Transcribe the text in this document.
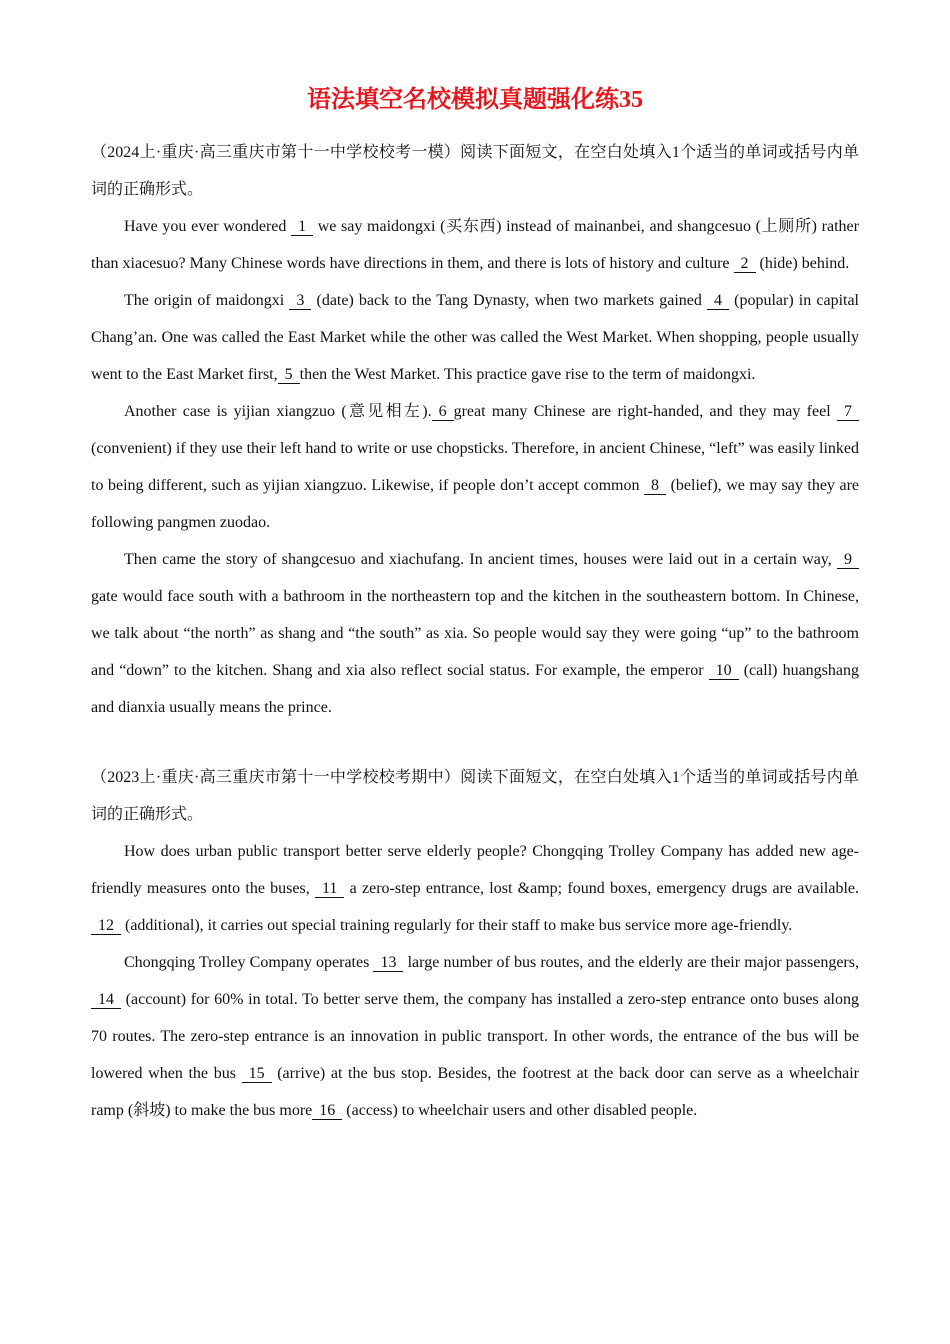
语法填空名校模拟真题强化练35

（2024上·重庆·高三重庆市第十一中学校校考一模）阅读下面短文，在空白处填入1个适当的单词或括号内单词的正确形式。

Have you ever wondered 1 we say maidongxi (买东西) instead of mainanbei, and shangcesuo (上厕所) rather than xiacesuo? Many Chinese words have directions in them, and there is lots of history and culture 2 (hide) behind.

The origin of maidongxi 3 (date) back to the Tang Dynasty, when two markets gained 4 (popular) in capital Chang’an. One was called the East Market while the other was called the West Market. When shopping, people usually went to the East Market first, 5 then the West Market. This practice gave rise to the term of maidongxi.

Another case is yijian xiangzuo (意见相左). 6 great many Chinese are right-handed, and they may feel 7 (convenient) if they use their left hand to write or use chopsticks. Therefore, in ancient Chinese, “left” was easily linked to being different, such as yijian xiangzuo. Likewise, if people don’t accept common 8 (belief), we may say they are following pangmen zuodao.

Then came the story of shangcesuo and xiachufang. In ancient times, houses were laid out in a certain way, 9gate would face south with a bathroom in the northeastern top and the kitchen in the southeastern bottom. In Chinese, we talk about “the north” as shang and “the south” as xia. So people would say they were going “up” to the bathroom and “down” to the kitchen. Shang and xia also reflect social status. For example, the emperor 10 (call) huangshang and dianxia usually means the prince.

（2023上·重庆·高三重庆市第十一中学校校考期中）阅读下面短文，在空白处填入1个适当的单词或括号内单词的正确形式。

How does urban public transport better serve elderly people? Chongqing Trolley Company has added new age-friendly measures onto the buses, 11 a zero-step entrance, lost &amp; found boxes, emergency drugs are available. 12 (additional), it carries out special training regularly for their staff to make bus service more age-friendly.

Chongqing Trolley Company operates 13 large number of bus routes, and the elderly are their major passengers, 14 (account) for 60% in total. To better serve them, the company has installed a zero-step entrance onto buses along 70 routes. The zero-step entrance is an innovation in public transport. In other words, the entrance of the bus will be lowered when the bus 15 (arrive) at the bus stop. Besides, the footrest at the back door can serve as a wheelchair ramp (斜坡) to make the bus more 16 (access) to wheelchair users and other disabled people.
